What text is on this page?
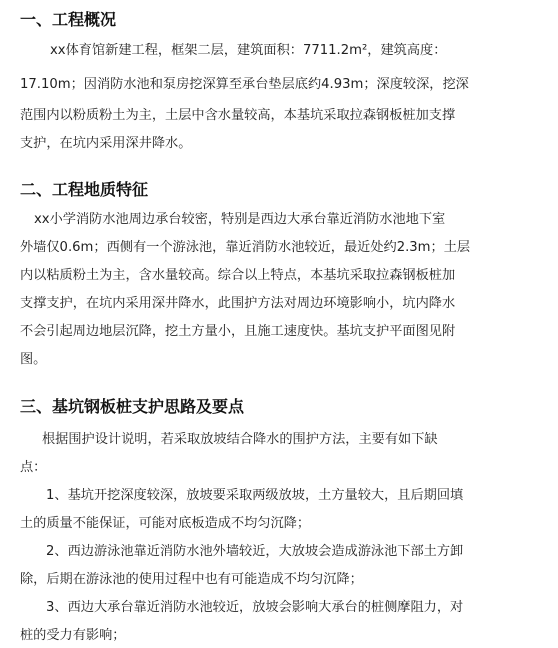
一、工程概况
xx体育馆新建工程，框架二层，建筑面积：7711.2m²，建筑高度：
17.10m；因消防水池和泵房挖深算至承台垫层底约4.93m；深度较深，挖深
范围内以粉质粉土为主，土层中含水量较高，本基坑采取拉森钢板桩加支撑
支护，在坑内采用深井降水。
二、工程地质特征
xx小学消防水池周边承台较密，特别是西边大承台靠近消防水池地下室
外墙仅0.6m；西侧有一个游泳池，靠近消防水池较近，最近处约2.3m；土层
内以粘质粉土为主，含水量较高。综合以上特点，本基坑采取拉森钢板桩加
支撑支护，在坑内采用深井降水，此围护方法对周边环境影响小，坑内降水
不会引起周边地层沉降，挖土方量小，且施工速度快。基坑支护平面图见附
图。
三、基坑钢板桩支护思路及要点
根据围护设计说明，若采取放坡结合降水的围护方法，主要有如下缺
点：
1、基坑开挖深度较深，放坡要采取两级放坡，土方量较大，且后期回填
土的质量不能保证，可能对底板造成不均匀沉降；
2、西边游泳池靠近消防水池外墙较近，大放坡会造成游泳池下部土方卸
除，后期在游泳池的使用过程中也有可能造成不均匀沉降；
3、西边大承台靠近消防水池较近，放坡会影响大承台的桩侧摩阻力，对
桩的受力有影响；
